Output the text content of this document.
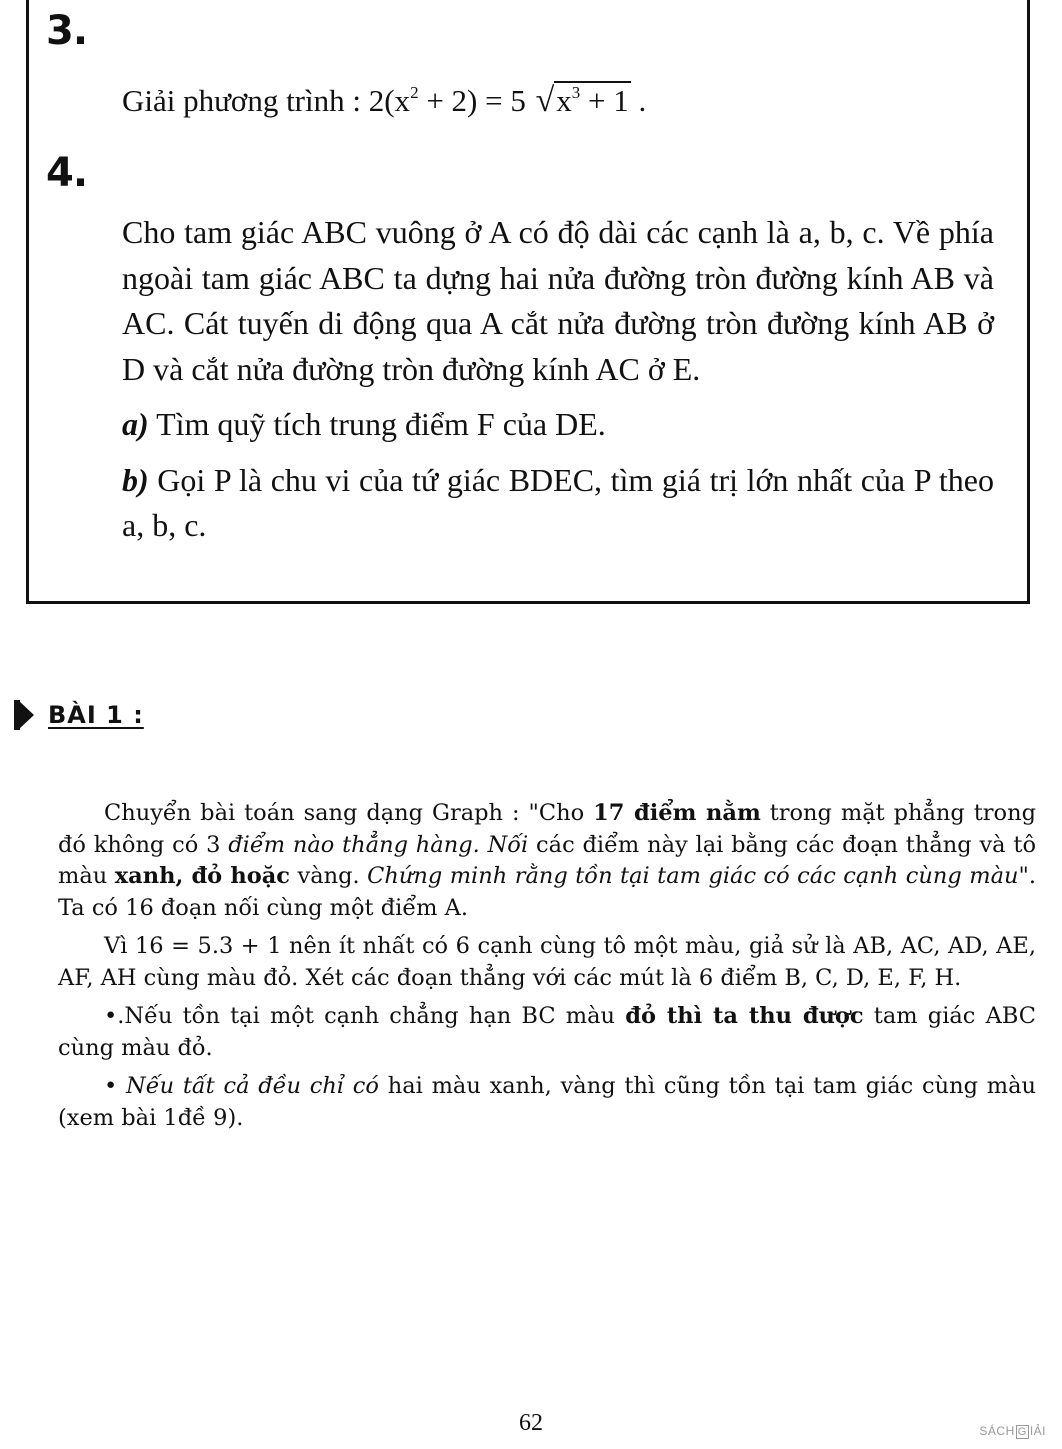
3.
Giải phương trình : $2(x^2 + 2) = 5$ $√x^3 + 1$ .
4.

Cho tam giác ABC vuông ở A có độ dài các cạnh là a, b, c. Về phía ngoài tam giác ABC ta dựng hai nửa đường tròn đường kính AB và AC. Cát tuyến di động qua A cắt nửa đường tròn đường kính AB ở D và cắt nửa đường tròn đường kính AC ở E.

a) Tìm quỹ tích trung điểm F của DE.

b) Gọi P là chu vi của tứ giác BDEC, tìm giá trị lớn nhất của P theo a, b, c.

BÀI 1 :

Chuyển bài toán sang dạng Graph : "Cho 17 điểm nằm trong mặt phẳng trong đó không có 3 điểm nào thẳng hàng. Nối các điểm này lại bằng các đoạn thẳng và tô màu xanh, đỏ hoặc vàng. Chứng minh rằng tồn tại tam giác có các cạnh cùng màu". Ta có 16 đoạn nối cùng một điểm A.

Vì 16 = 5.3 + 1 nên ít nhất có 6 cạnh cùng tô một màu, giả sử là AB, AC, AD, AE, AF, AH cùng màu đỏ. Xét các đoạn thẳng với các mút là 6 điểm B, C, D, E, F, H.

•.Nếu tồn tại một cạnh chẳng hạn BC màu đỏ thì ta thu được tam giác ABC cùng màu đỏ.

• Nếu tất cả đều chỉ có hai màu xanh, vàng thì cũng tồn tại tam giác cùng màu (xem bài 1đề 9).

62	SÁCH G IẢI
